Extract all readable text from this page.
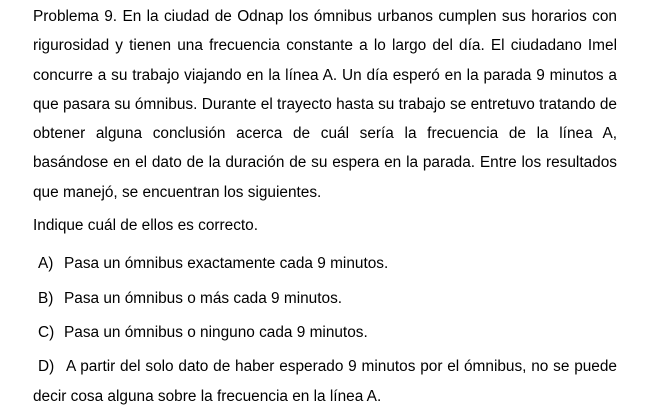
Problema 9. En la ciudad de Odnap los ómnibus urbanos cumplen sus horarios con rigurosidad y tienen una frecuencia constante a lo largo del día. El ciudadano Imel concurre a su trabajo viajando en la línea A. Un día esperó en la parada 9 minutos a que pasara su ómnibus. Durante el trayecto hasta su trabajo se entretuvo tratando de obtener alguna conclusión acerca de cuál sería la frecuencia de la línea A, basándose en el dato de la duración de su espera en la parada. Entre los resultados que manejó, se encuentran los siguientes.

Indique cuál de ellos es correcto.

A) Pasa un ómnibus exactamente cada 9 minutos.

B) Pasa un ómnibus o más cada 9 minutos.

C) Pasa un ómnibus o ninguno cada 9 minutos.

D) A partir del solo dato de haber esperado 9 minutos por el ómnibus, no se puede decir cosa alguna sobre la frecuencia en la línea A.
